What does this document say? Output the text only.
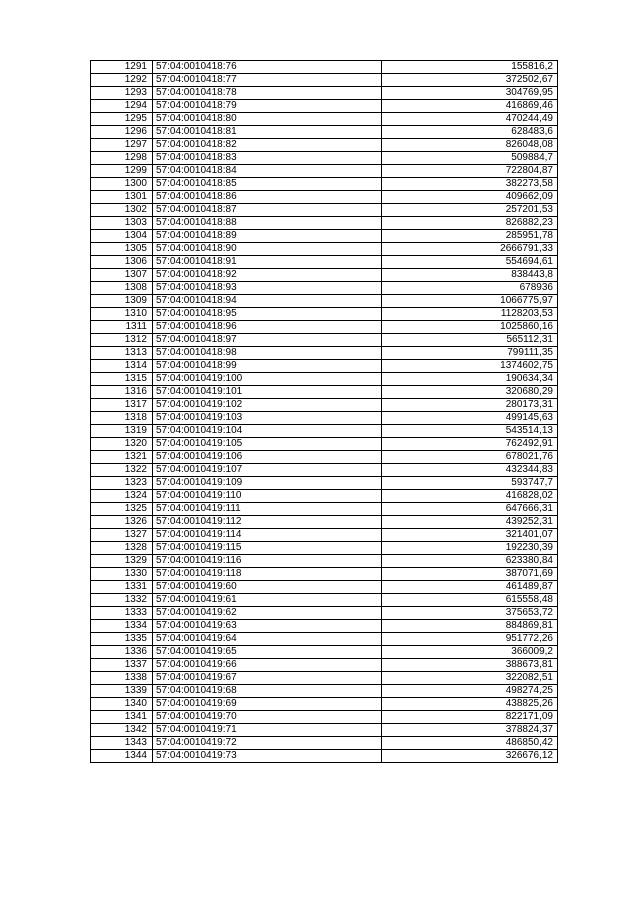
1291	57:04:0010418:76	155816,2
1292	57:04:0010418:77	372502,67
1293	57:04:0010418:78	304769,95
1294	57:04:0010418:79	416869,46
1295	57:04:0010418:80	470244,49
1296	57:04:0010418:81	628483,6
1297	57:04:0010418:82	826048,08
1298	57:04:0010418:83	509884,7
1299	57:04:0010418:84	722804,87
1300	57:04:0010418:85	382273,58
1301	57:04:0010418:86	409662,09
1302	57:04:0010418:87	257201,53
1303	57:04:0010418:88	826882,23
1304	57:04:0010418:89	285951,78
1305	57:04:0010418:90	2666791,33
1306	57:04:0010418:91	554694,61
1307	57:04:0010418:92	838443,8
1308	57:04:0010418:93	678936
1309	57:04:0010418:94	1066775,97
1310	57:04:0010418:95	1128203,53
1311	57:04:0010418:96	1025860,16
1312	57:04:0010418:97	565112,31
1313	57:04:0010418:98	799111,35
1314	57:04:0010418:99	1374602,75
1315	57:04:0010419:100	190634,34
1316	57:04:0010419:101	320680,29
1317	57:04:0010419:102	280173,31
1318	57:04:0010419:103	499145,63
1319	57:04:0010419:104	543514,13
1320	57:04:0010419:105	762492,91
1321	57:04:0010419:106	678021,76
1322	57:04:0010419:107	432344,83
1323	57:04:0010419:109	593747,7
1324	57:04:0010419:110	416828,02
1325	57:04:0010419:111	647666,31
1326	57:04:0010419:112	439252,31
1327	57:04:0010419:114	321401,07
1328	57:04:0010419:115	192230,39
1329	57:04:0010419:116	623380,84
1330	57:04:0010419:118	387071,69
1331	57:04:0010419:60	461489,87
1332	57:04:0010419:61	615558,48
1333	57:04:0010419:62	375653,72
1334	57:04:0010419:63	884869,81
1335	57:04:0010419:64	951772,26
1336	57:04:0010419:65	366009,2
1337	57:04:0010419:66	388673,81
1338	57:04:0010419:67	322082,51
1339	57:04:0010419:68	498274,25
1340	57:04:0010419:69	438825,26
1341	57:04:0010419:70	822171,09
1342	57:04:0010419:71	378824,37
1343	57:04:0010419:72	486850,42
1344	57:04:0010419:73	326676,12
